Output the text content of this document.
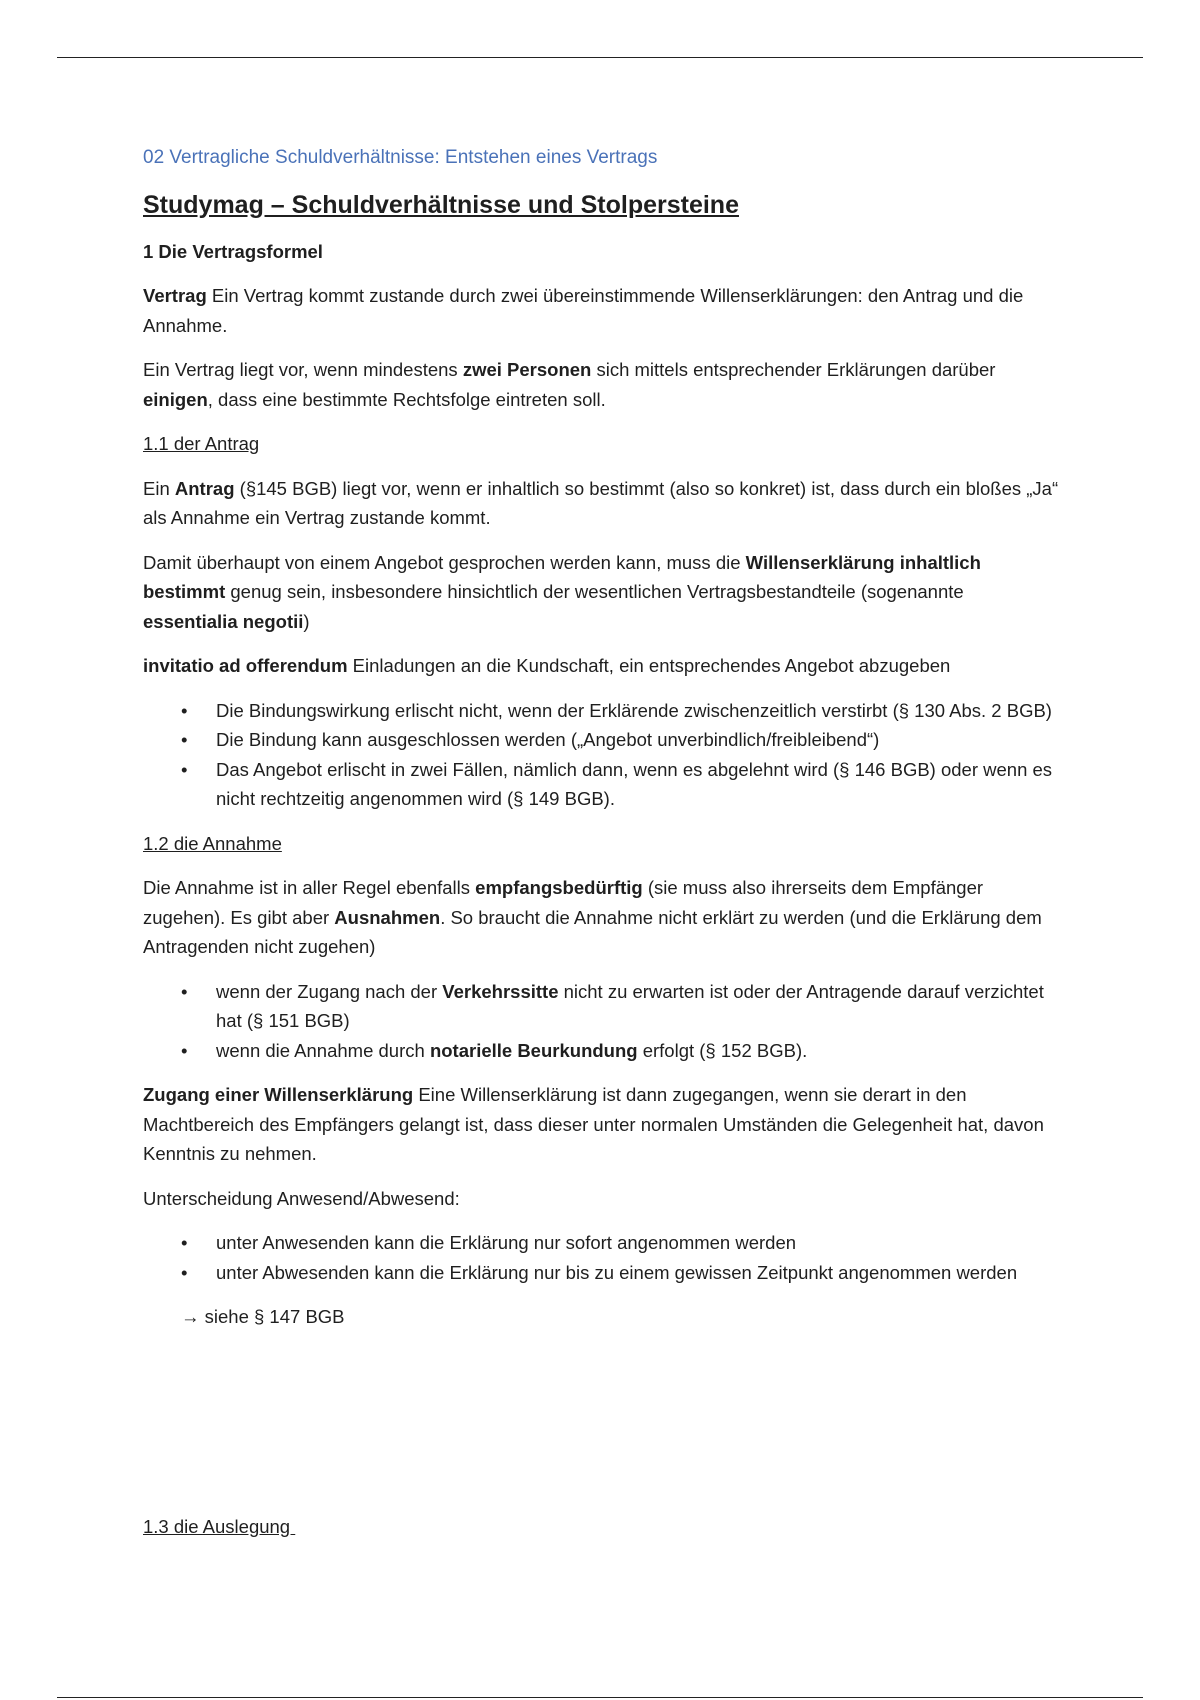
02 Vertragliche Schuldverhältnisse: Entstehen eines Vertrags

Studymag – Schuldverhältnisse und Stolpersteine

1 Die Vertragsformel

Vertrag Ein Vertrag kommt zustande durch zwei übereinstimmende Willenserklärungen: den Antrag und die Annahme.

Ein Vertrag liegt vor, wenn mindestens zwei Personen sich mittels entsprechender Erklärungen darüber einigen, dass eine bestimmte Rechtsfolge eintreten soll.

1.1 der Antrag

Ein Antrag (§145 BGB) liegt vor, wenn er inhaltlich so bestimmt (also so konkret) ist, dass durch ein bloßes „Ja“ als Annahme ein Vertrag zustande kommt.

Damit überhaupt von einem Angebot gesprochen werden kann, muss die Willenserklärung inhaltlich bestimmt genug sein, insbesondere hinsichtlich der wesentlichen Vertragsbestandteile (sogenannte essentialia negotii)

invitatio ad offerendum Einladungen an die Kundschaft, ein entsprechendes Angebot abzugeben

• Die Bindungswirkung erlischt nicht, wenn der Erklärende zwischenzeitlich verstirbt (§ 130 Abs. 2 BGB)
• Die Bindung kann ausgeschlossen werden („Angebot unverbindlich/freibleibend“)
• Das Angebot erlischt in zwei Fällen, nämlich dann, wenn es abgelehnt wird (§ 146 BGB) oder wenn es nicht rechtzeitig angenommen wird (§ 149 BGB).

1.2 die Annahme

Die Annahme ist in aller Regel ebenfalls empfangsbedürftig (sie muss also ihrerseits dem Empfänger zugehen). Es gibt aber Ausnahmen. So braucht die Annahme nicht erklärt zu werden (und die Erklärung dem Antragenden nicht zugehen)

• wenn der Zugang nach der Verkehrssitte nicht zu erwarten ist oder der Antragende darauf verzichtet hat (§ 151 BGB)
• wenn die Annahme durch notarielle Beurkundung erfolgt (§ 152 BGB).

Zugang einer Willenserklärung Eine Willenserklärung ist dann zugegangen, wenn sie derart in den Machtbereich des Empfängers gelangt ist, dass dieser unter normalen Umständen die Gelegenheit hat, davon Kenntnis zu nehmen.

Unterscheidung Anwesend/Abwesend:

• unter Anwesenden kann die Erklärung nur sofort angenommen werden
• unter Abwesenden kann die Erklärung nur bis zu einem gewissen Zeitpunkt angenommen werden

→ siehe § 147 BGB

1.3 die Auslegung
